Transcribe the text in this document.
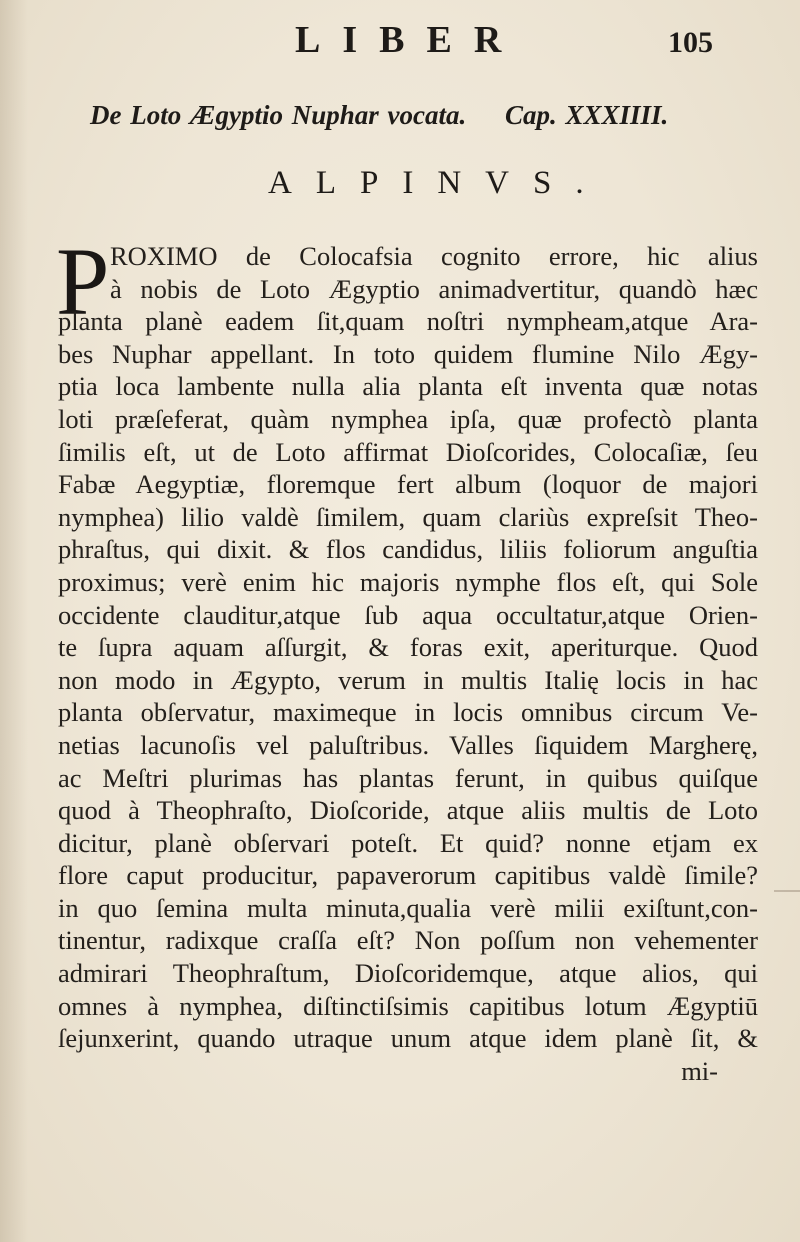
LIBER	105
De Loto Ægyptio Nuphar vocata. Cap. XXXIIII.
ALPINVS.
P ROXIMO de Colocafsia cognito errore, hic alius
à nobis de Loto Ægyptio animadvertitur, quandò hæc
planta planè eadem ſit,quam noſtri nympheam,atque Ara-
bes Nuphar appellant. In toto quidem flumine Nilo Ægy-
ptia loca lambente nulla alia planta eſt inventa quæ notas
loti præſeferat, quàm nymphea ipſa, quæ profectò planta
ſimilis eſt, ut de Loto affirmat Dioſcorides, Colocaſiæ, ſeu
Fabæ Aegyptiæ, floremque fert album (loquor de majori
nymphea) lilio valdè ſimilem, quam clariùs expreſsit Theo-
phraſtus, qui dixit. & flos candidus, liliis foliorum anguſtia
proximus; verè enim hic majoris nymphe flos eſt, qui Sole
occidente clauditur,atque ſub aqua occultatur,atque Orien-
te ſupra aquam aſſurgit, & foras exit, aperiturque. Quod
non modo in Ægypto, verum in multis Italię locis in hac
planta obſervatur, maximeque in locis omnibus circum Ve-
netias lacunoſis vel paluſtribus. Valles ſiquidem Margherę,
ac Meſtri plurimas has plantas ferunt, in quibus quiſque
quod à Theophraſto, Dioſcoride, atque aliis multis de Loto
dicitur, planè obſervari poteſt. Et quid? nonne etjam ex
flore caput producitur, papaverorum capitibus valdè ſimile?
in quo ſemina multa minuta,qualia verè milii exiſtunt,con-
tinentur, radixque craſſa eſt? Non poſſum non vehementer
admirari Theophraſtum, Dioſcoridemque, atque alios, qui
omnes à nymphea, diſtinctiſsimis capitibus lotum Ægyptiū
ſejunxerint, quando utraque unum atque idem planè ſit, &
mi-
